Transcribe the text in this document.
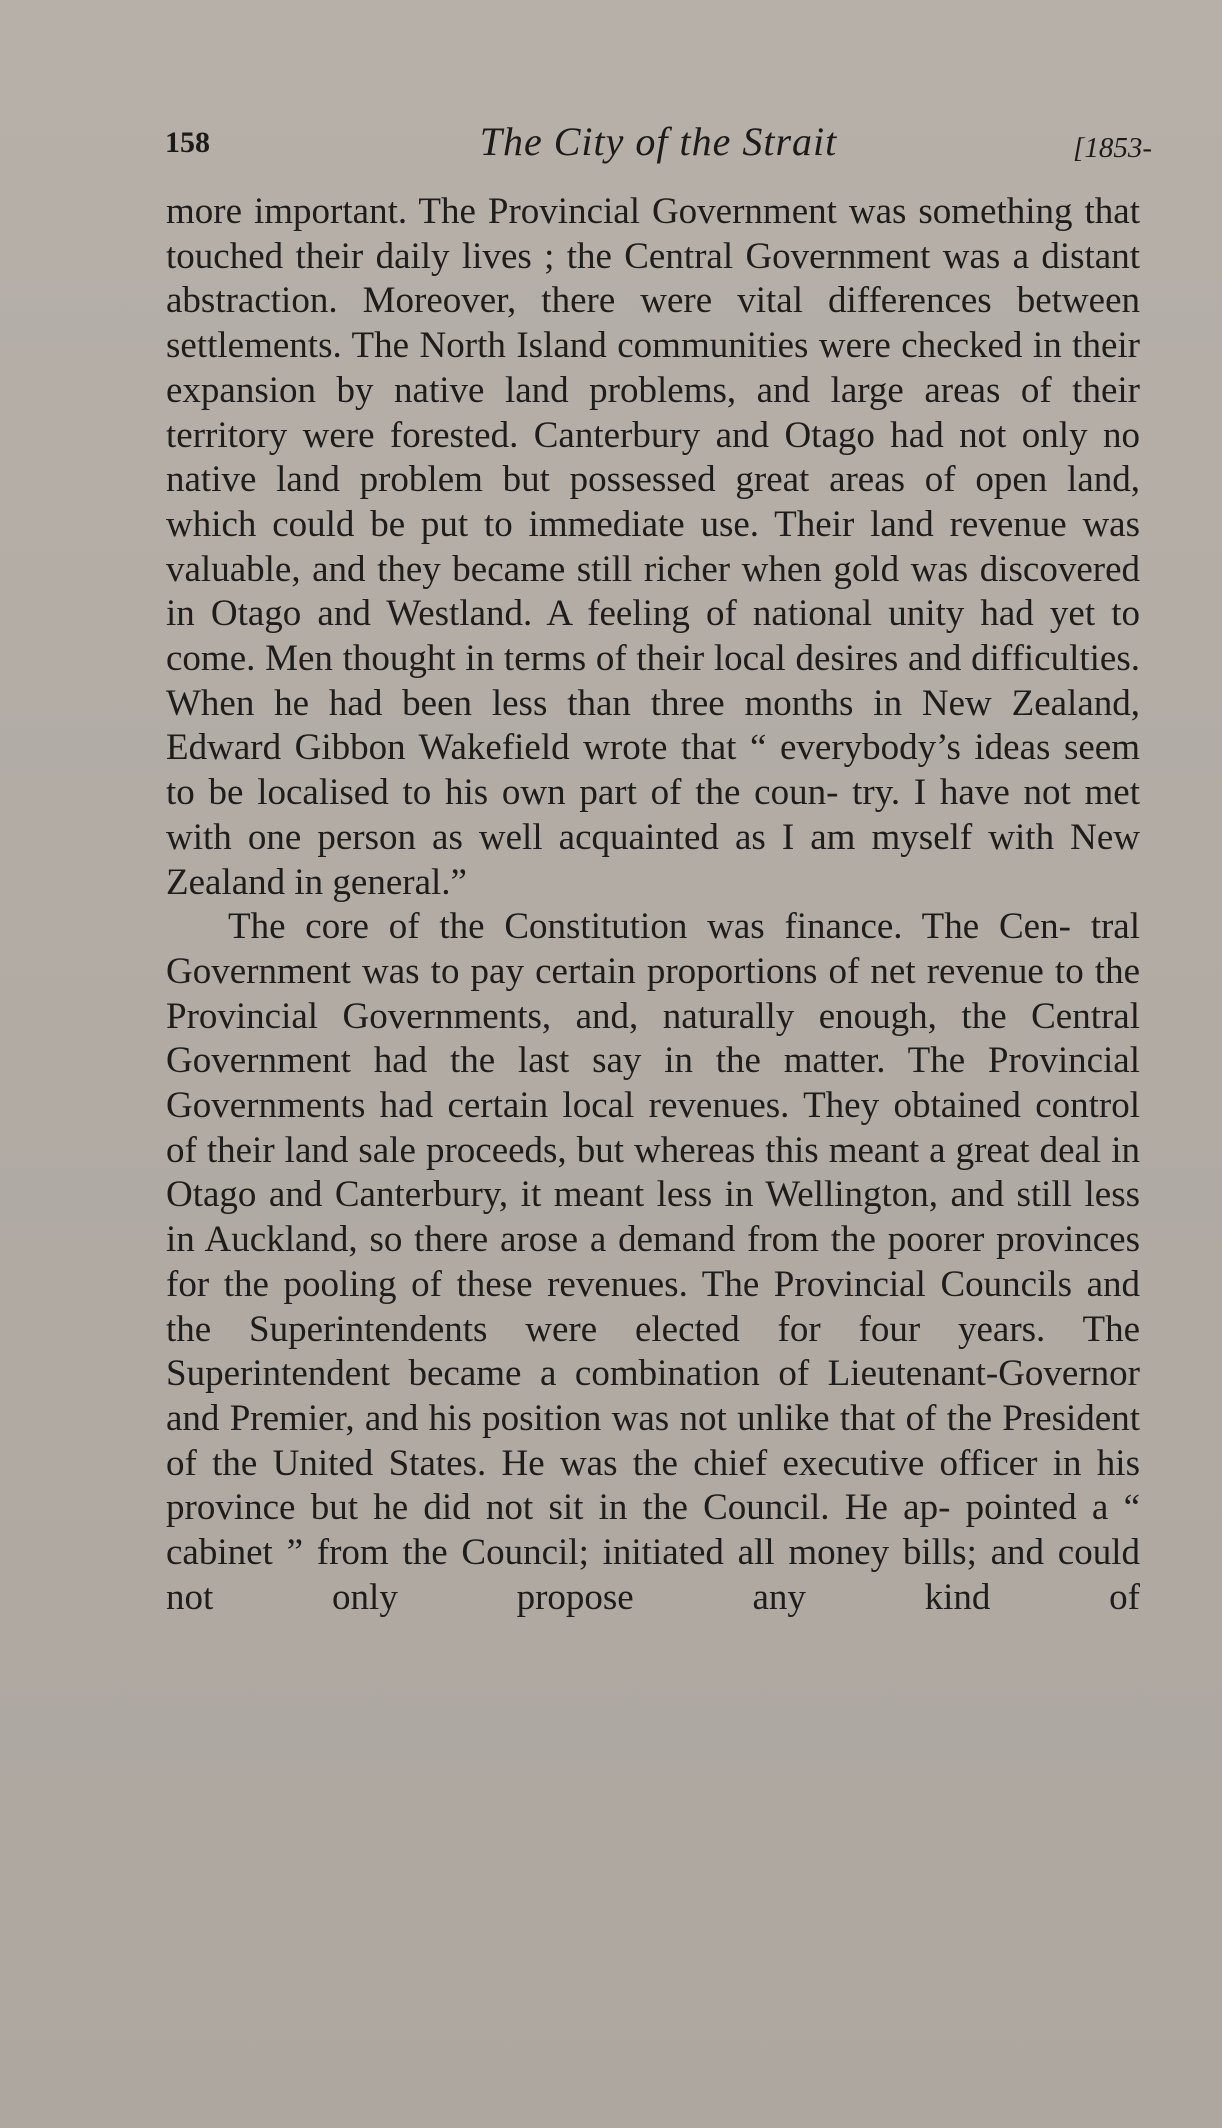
158	The City of the Strait	[1853-

more important. The Provincial Government was something that touched their daily lives ; the Central Government was a distant abstraction. Moreover, there were vital differences between settlements. The North Island communities were checked in their expansion by native land problems, and large areas of their territory were forested. Canterbury and Otago had not only no native land problem but possessed great areas of open land, which could be put to immediate use. Their land revenue was valuable, and they became still richer when gold was discovered in Otago and Westland. A feeling of national unity had yet to come. Men thought in terms of their local desires and difficulties. When he had been less than three months in New Zealand, Edward Gibbon Wakefield wrote that “ everybody’s ideas seem to be localised to his own part of the coun- try. I have not met with one person as well acquainted as I am myself with New Zealand in general.”

The core of the Constitution was finance. The Cen- tral Government was to pay certain proportions of net revenue to the Provincial Governments, and, naturally enough, the Central Government had the last say in the matter. The Provincial Governments had certain local revenues. They obtained control of their land sale proceeds, but whereas this meant a great deal in Otago and Canterbury, it meant less in Wellington, and still less in Auckland, so there arose a demand from the poorer provinces for the pooling of these revenues. The Provincial Councils and the Superintendents were elected for four years. The Superintendent became a combination of Lieutenant-Governor and Premier, and his position was not unlike that of the President of the United States. He was the chief executive officer in his province but he did not sit in the Council. He ap- pointed a “ cabinet ” from the Council; initiated all money bills; and could not only propose any kind of
